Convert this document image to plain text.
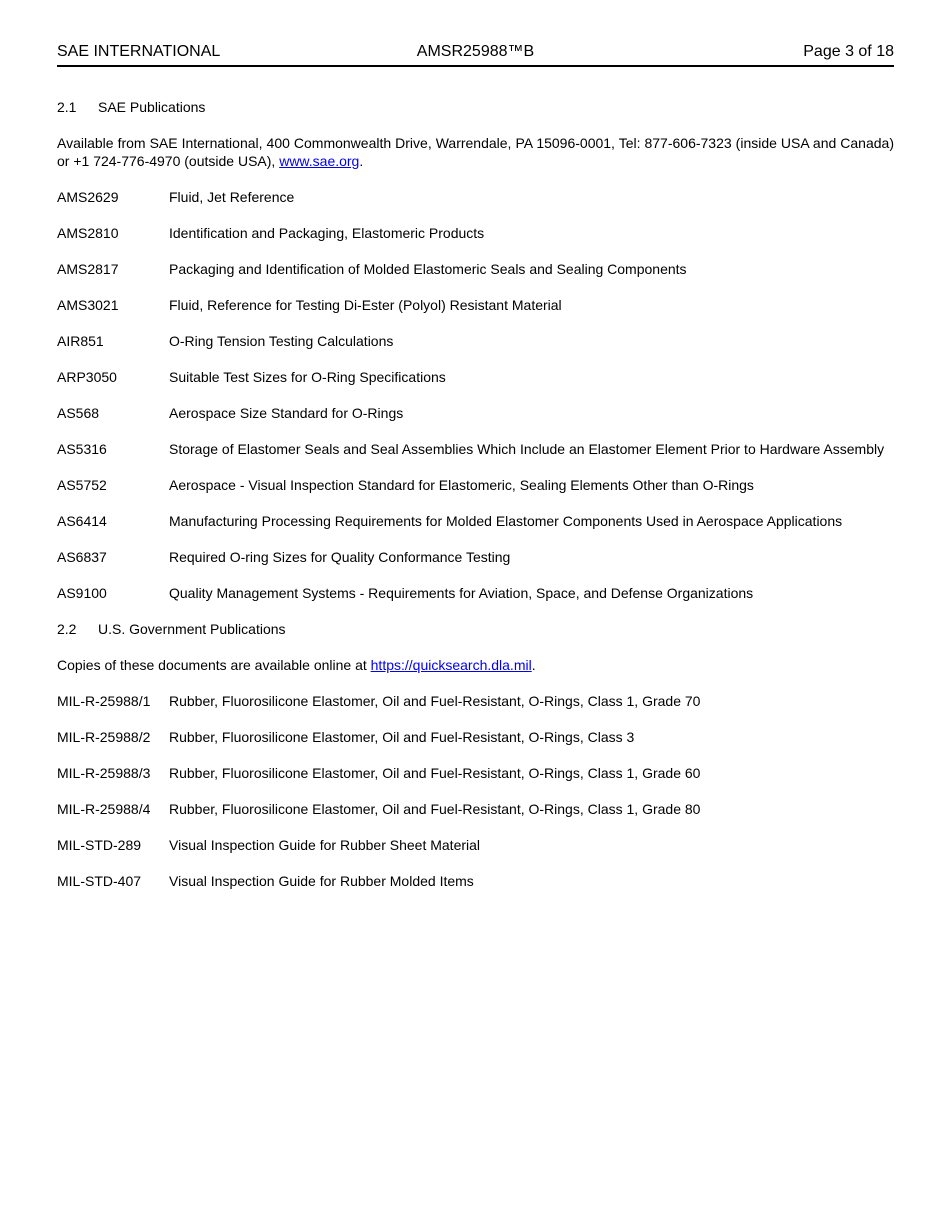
SAE INTERNATIONAL	AMSR25988™B	Page 3 of 18
2.1 SAE Publications

Available from SAE International, 400 Commonwealth Drive, Warrendale, PA 15096-0001, Tel: 877-606-7323 (inside USA and Canada) or +1 724-776-4970 (outside USA), www.sae.org.

AMS2629	Fluid, Jet Reference
AMS2810	Identification and Packaging, Elastomeric Products
AMS2817	Packaging and Identification of Molded Elastomeric Seals and Sealing Components
AMS3021	Fluid, Reference for Testing Di-Ester (Polyol) Resistant Material
AIR851	O-Ring Tension Testing Calculations
ARP3050	Suitable Test Sizes for O-Ring Specifications
AS568	Aerospace Size Standard for O-Rings
AS5316	Storage of Elastomer Seals and Seal Assemblies Which Include an Elastomer Element Prior to Hardware Assembly
AS5752	Aerospace - Visual Inspection Standard for Elastomeric, Sealing Elements Other than O-Rings
AS6414	Manufacturing Processing Requirements for Molded Elastomer Components Used in Aerospace Applications
AS6837	Required O-ring Sizes for Quality Conformance Testing
AS9100	Quality Management Systems - Requirements for Aviation, Space, and Defense Organizations
2.2 U.S. Government Publications

Copies of these documents are available online at https://quicksearch.dla.mil.

MIL-R-25988/1	Rubber, Fluorosilicone Elastomer, Oil and Fuel-Resistant, O-Rings, Class 1, Grade 70
MIL-R-25988/2	Rubber, Fluorosilicone Elastomer, Oil and Fuel-Resistant, O-Rings, Class 3
MIL-R-25988/3	Rubber, Fluorosilicone Elastomer, Oil and Fuel-Resistant, O-Rings, Class 1, Grade 60
MIL-R-25988/4	Rubber, Fluorosilicone Elastomer, Oil and Fuel-Resistant, O-Rings, Class 1, Grade 80
MIL-STD-289	Visual Inspection Guide for Rubber Sheet Material
MIL-STD-407	Visual Inspection Guide for Rubber Molded Items
